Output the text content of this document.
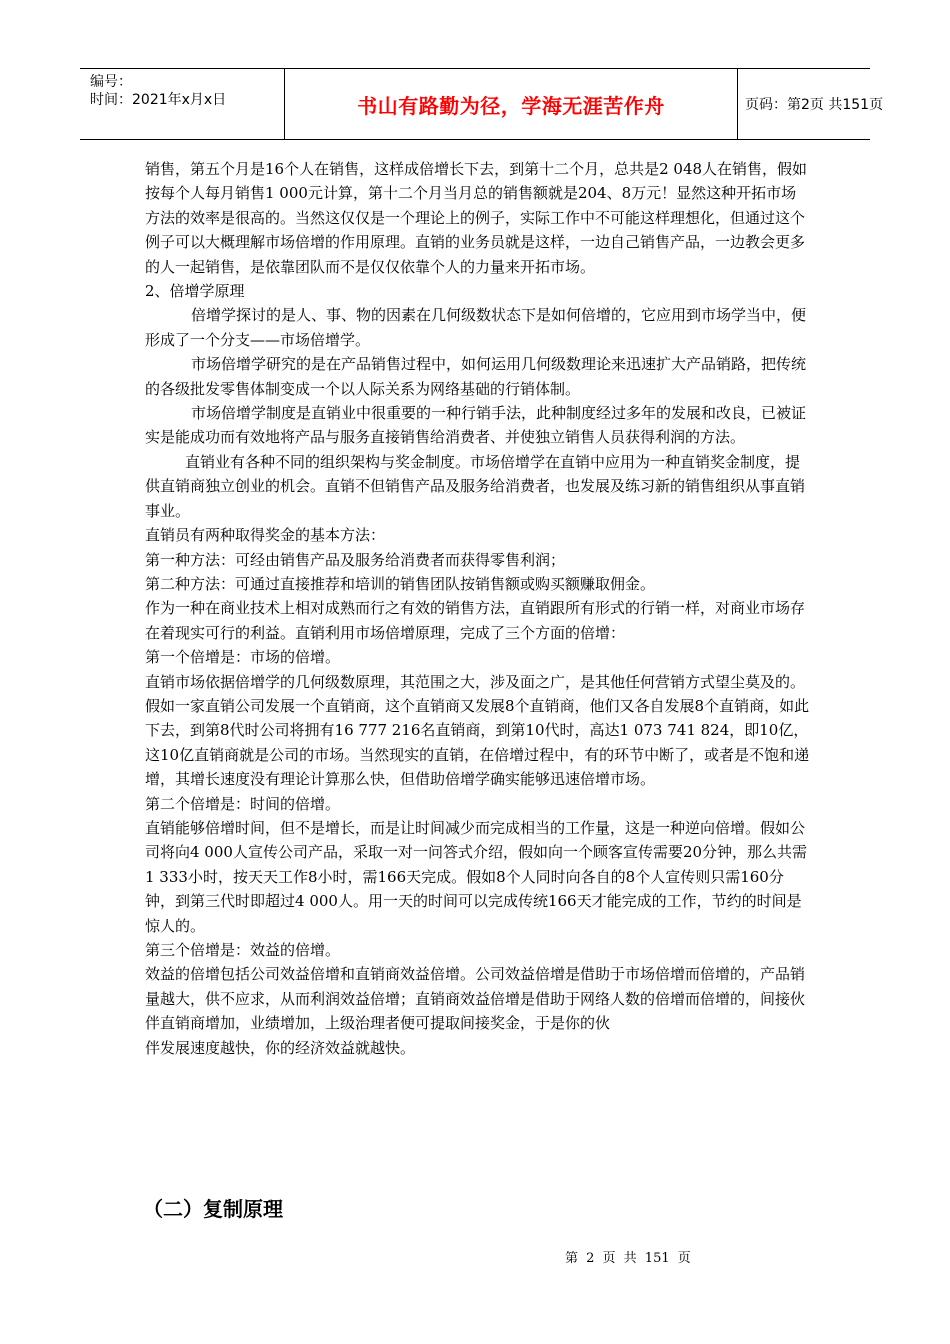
编号：
时间：2021年x月x日	书山有路勤为径，学海无涯苦作舟	页码：第2页 共151页

销售，第五个月是16个人在销售，这样成倍增长下去，到第十二个月，总共是2 048人在销售，假如按每个人每月销售1 000元计算，第十二个月当月总的销售额就是204、8万元！显然这种开拓市场方法的效率是很高的。当然这仅仅是一个理论上的例子，实际工作中不可能这样理想化，但通过这个例子可以大概理解市场倍增的作用原理。直销的业务员就是这样，一边自己销售产品，一边教会更多的人一起销售，是依靠团队而不是仅仅依靠个人的力量来开拓市场。

2、倍增学原理

倍增学探讨的是人、事、物的因素在几何级数状态下是如何倍增的，它应用到市场学当中，便形成了一个分支——市场倍增学。

市场倍增学研究的是在产品销售过程中，如何运用几何级数理论来迅速扩大产品销路，把传统的各级批发零售体制变成一个以人际关系为网络基础的行销体制。

市场倍增学制度是直销业中很重要的一种行销手法，此种制度经过多年的发展和改良，已被证实是能成功而有效地将产品与服务直接销售给消费者、并使独立销售人员获得利润的方法。

直销业有各种不同的组织架构与奖金制度。市场倍增学在直销中应用为一种直销奖金制度，提供直销商独立创业的机会。直销不但销售产品及服务给消费者，也发展及练习新的销售组织从事直销事业。

直销员有两种取得奖金的基本方法：

第一种方法：可经由销售产品及服务给消费者而获得零售利润；

第二种方法：可通过直接推荐和培训的销售团队按销售额或购买额赚取佣金。

作为一种在商业技术上相对成熟而行之有效的销售方法，直销跟所有形式的行销一样，对商业市场存在着现实可行的利益。直销利用市场倍增原理，完成了三个方面的倍增：

第一个倍增是：市场的倍增。

直销市场依据倍增学的几何级数原理，其范围之大，涉及面之广，是其他任何营销方式望尘莫及的。假如一家直销公司发展一个直销商，这个直销商又发展8个直销商，他们又各自发展8个直销商，如此下去，到第8代时公司将拥有16 777 216名直销商，到第10代时，高达1 073 741 824，即10亿，这10亿直销商就是公司的市场。当然现实的直销，在倍增过程中，有的环节中断了，或者是不饱和递增，其增长速度没有理论计算那么快，但借助倍增学确实能够迅速倍增市场。

第二个倍增是：时间的倍增。

直销能够倍增时间，但不是增长，而是让时间减少而完成相当的工作量，这是一种逆向倍增。假如公司将向4 000人宣传公司产品，采取一对一问答式介绍，假如向一个顾客宣传需要20分钟，那么共需1 333小时，按天天工作8小时，需166天完成。假如8个人同时向各自的8个人宣传则只需160分钟，到第三代时即超过4 000人。用一天的时间可以完成传统166天才能完成的工作，节约的时间是惊人的。

第三个倍增是：效益的倍增。

效益的倍增包括公司效益倍增和直销商效益倍增。公司效益倍增是借助于市场倍增而倍增的，产品销量越大，供不应求，从而利润效益倍增；直销商效益倍增是借助于网络人数的倍增而倍增的，间接伙伴直销商增加，业绩增加，上级治理者便可提取间接奖金，于是你的伙

伴发展速度越快，你的经济效益就越快。

（二）复制原理
第 2 页 共 151 页
